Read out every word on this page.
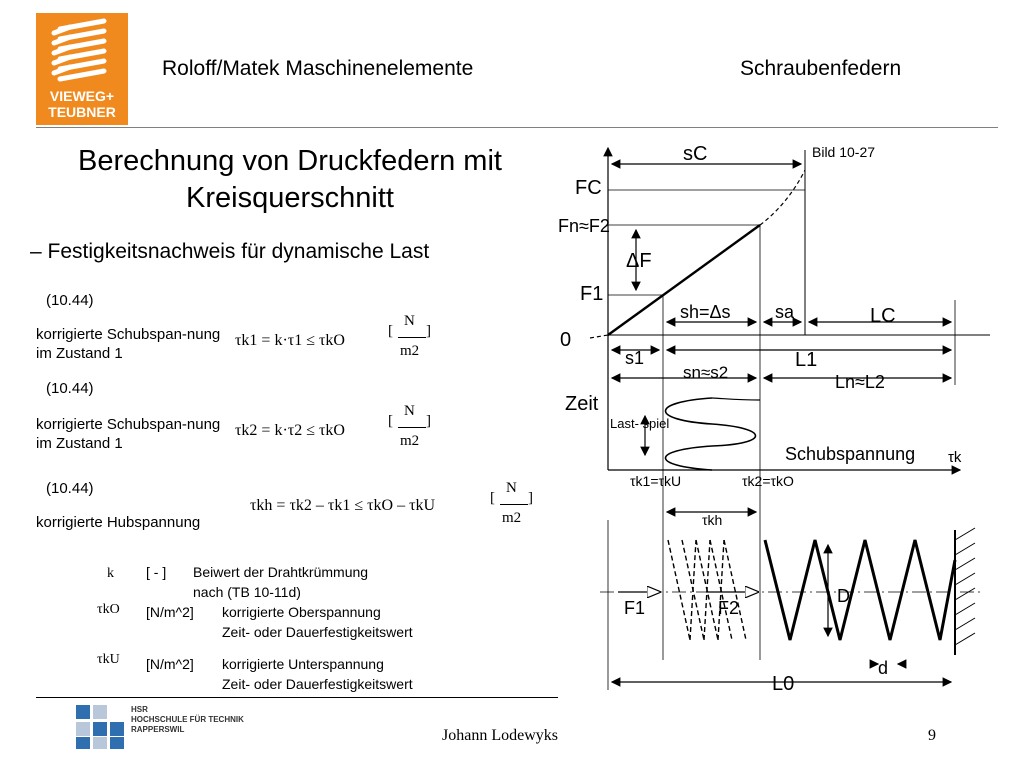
VIEWEG+
TEUBNER
Roloff/Matek Maschinenelemente	Schraubenfedern
Berechnung von Druckfedern mit Kreisquerschnitt
– Festigkeitsnachweis für dynamische Last
(10.44)
korrigierte Schubspan-nung im Zustand 1
τk1 = k·τ1 ≤ τkO
[
N
m2
]
(10.44)
korrigierte Schubspan-nung im Zustand 1
τk2 = k·τ2 ≤ τkO
[
N
m2
]
(10.44)
korrigierte Hubspannung
τkh = τk2 – τk1 ≤ τkO – τkU	[
N
m2
]
k [ - ] Beiwert der Drahtkrümmung
nach (TB 10-11d)
τkO [N/m^2] korrigierte Oberspannung
Zeit- oder Dauerfestigkeitswert
τkU [N/m^2] korrigierte Unterspannung
Zeit- oder Dauerfestigkeitswert
Bild 10-27
sC
FC
Fn≈F2
ΔF
F1
0
sh=Δs sa	LC
s1	L1
sn≈s2	Ln≈L2
Zeit
Last- spiel
Schubspannung τk
τk1=τkU	τk2=τkO
τkh
F1	F2
D
d
L0
HSR
HOCHSCHULE FÜR TECHNIK
RAPPERSWIL	Johann Lodewyks	9
